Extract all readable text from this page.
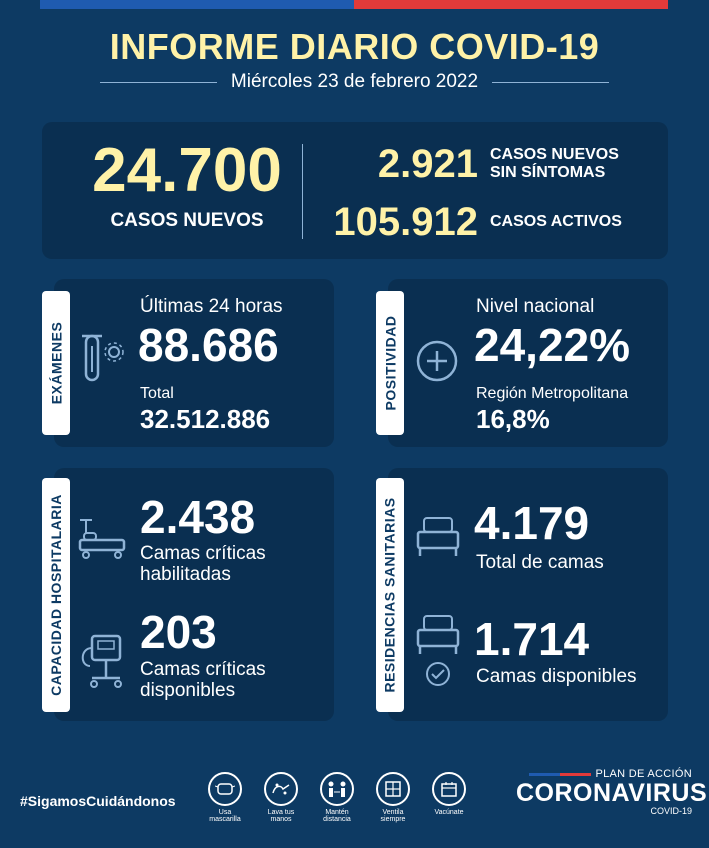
INFORME DIARIO COVID-19
Miércoles 23 de febrero 2022
24.700
CASOS NUEVOS
2.921 CASOS NUEVOS
SIN SÍNTOMAS
105.912 CASOS ACTIVOS
EXÁMENES
Últimas 24 horas
88.686
Total
32.512.886
POSITIVIDAD
Nivel nacional
24,22%
Región Metropolitana
16,8%
CAPACIDAD HOSPITALARIA 2.438
Camas críticas
habilitadas
203
Camas críticas
disponibles	RESIDENCIAS SANITARIAS 4.179
Total de camas
1.714
Camas disponibles
#SigamosCuidándonos
Usa
mascarilla
Lava tus
manos
Mantén
distancia
Ventila
siempre
Vacúnate
PLAN DE ACCIÓN
CORONAVIRUS
COVID-19
